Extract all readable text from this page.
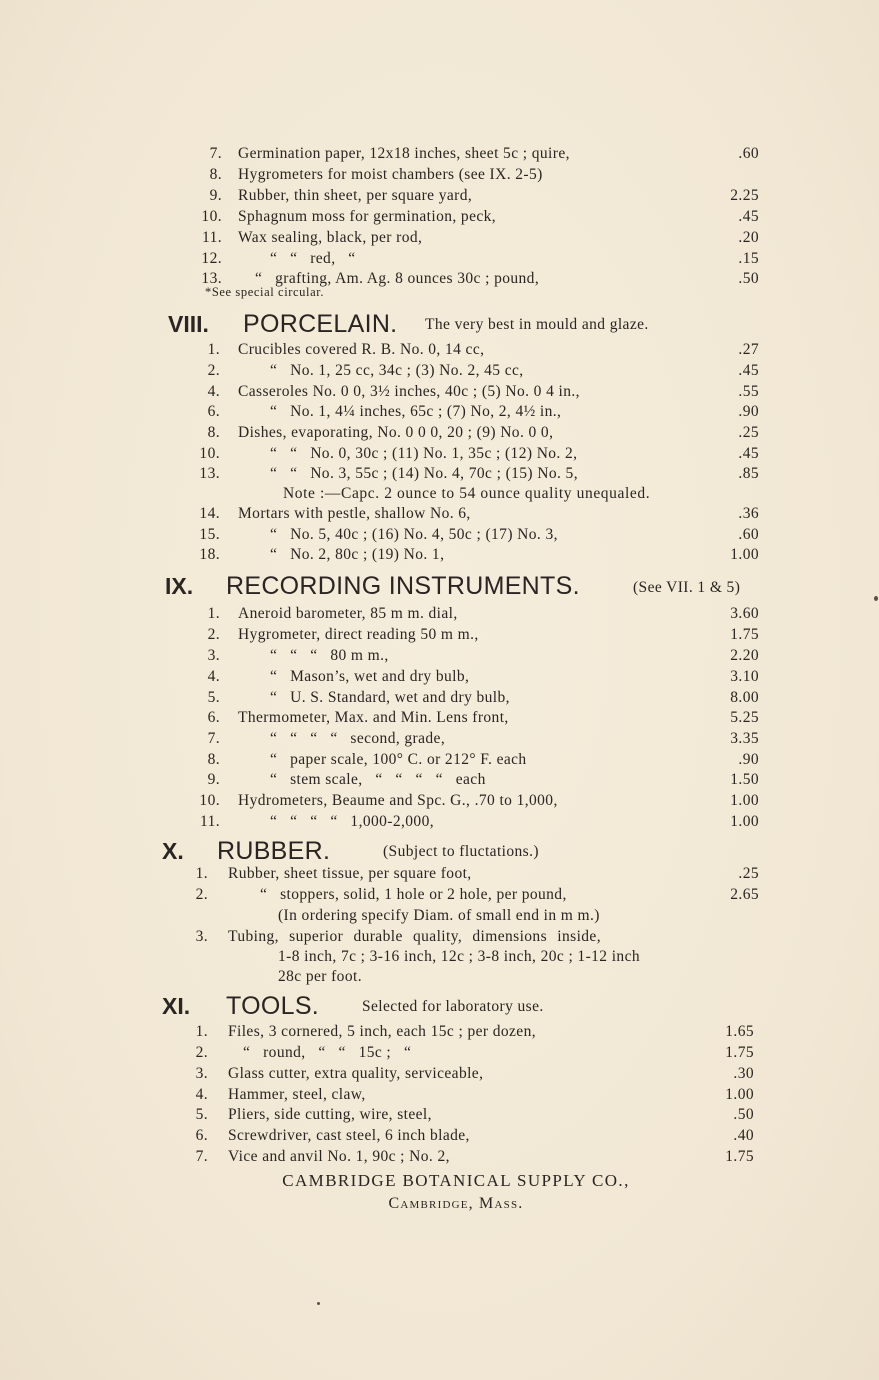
7. Germination paper, 12x18 inches, sheet 5c ; quire,	.60
8. Hygrometers for moist chambers (see IX. 2-5)
9. Rubber, thin sheet, per square yard,	2.25
10. Sphagnum moss for germination, peck,	.45
11. Wax sealing, black, per rod,	.20
12.	“   “   red,   “	.15
13. “   grafting, Am. Ag. 8 ounces 30c ; pound,	.50
*See special circular.
VIII. PORCELAIN. The very best in mould and glaze.
1. Crucibles covered R. B. No. 0, 14 cc,	.27
2.	“   No. 1, 25 cc, 34c ; (3) No. 2, 45 cc,	.45
4. Casseroles No. 0 0, 3½ inches, 40c ; (5) No. 0 4 in.,	.55
6.	“   No. 1, 4¼ inches, 65c ; (7) No, 2, 4½ in.,	.90
8. Dishes, evaporating, No. 0 0 0, 20 ; (9) No. 0 0,	.25
10.	“   “   No. 0, 30c ; (11) No. 1, 35c ; (12) No. 2,	.45
13.	“   “   No. 3, 55c ; (14) No. 4, 70c ; (15) No. 5,	.85
Note :—Capc. 2 ounce to 54 ounce quality unequaled.
14. Mortars with pestle, shallow No. 6,	.36
15.	“   No. 5, 40c ; (16) No. 4, 50c ; (17) No. 3,	.60
18.	“   No. 2, 80c ; (19) No. 1,	1.00
IX. RECORDING INSTRUMENTS.	(See VII. 1 & 5)
1. Aneroid barometer, 85 m m. dial,	3.60
2. Hygrometer, direct reading 50 m m.,	1.75
3.	“   “   “   80 m m.,	2.20
4.	“   Mason’s, wet and dry bulb,	3.10
5.	“   U. S. Standard, wet and dry bulb,	8.00
6. Thermometer, Max. and Min. Lens front,	5.25
7.	“   “   “   “   second, grade,	3.35
8.	“   paper scale, 100° C. or 212° F. each	.90
9.	“   stem scale,   “   “   “   “   each	1.50
10. Hydrometers, Beaume and Spc. G., .70 to 1,000,	1.00
11.	“   “   “   “   1,000-2,000,	1.00
X. RUBBER.	(Subject to fluctations.)
1. Rubber, sheet tissue, per square foot,	.25
2.	“   stoppers, solid, 1 hole or 2 hole, per pound,	2.65
(In ordering specify Diam. of small end in m m.)
3. Tubing, superior durable quality, dimensions inside,
1-8 inch, 7c ; 3-16 inch, 12c ; 3-8 inch, 20c ; 1-12 inch
28c per foot.
XI. TOOLS.	Selected for laboratory use.
1. Files, 3 cornered, 5 inch, each 15c ; per dozen,	1.65
2. “   round,   “   “   15c ;   “	1.75
3. Glass cutter, extra quality, serviceable,	.30
4. Hammer, steel, claw,	1.00
5. Pliers, side cutting, wire, steel,	.50
6. Screwdriver, cast steel, 6 inch blade,	.40
7. Vice and anvil No. 1, 90c ; No. 2,	1.75
CAMBRIDGE BOTANICAL SUPPLY CO.,
Cambridge, Mass.
